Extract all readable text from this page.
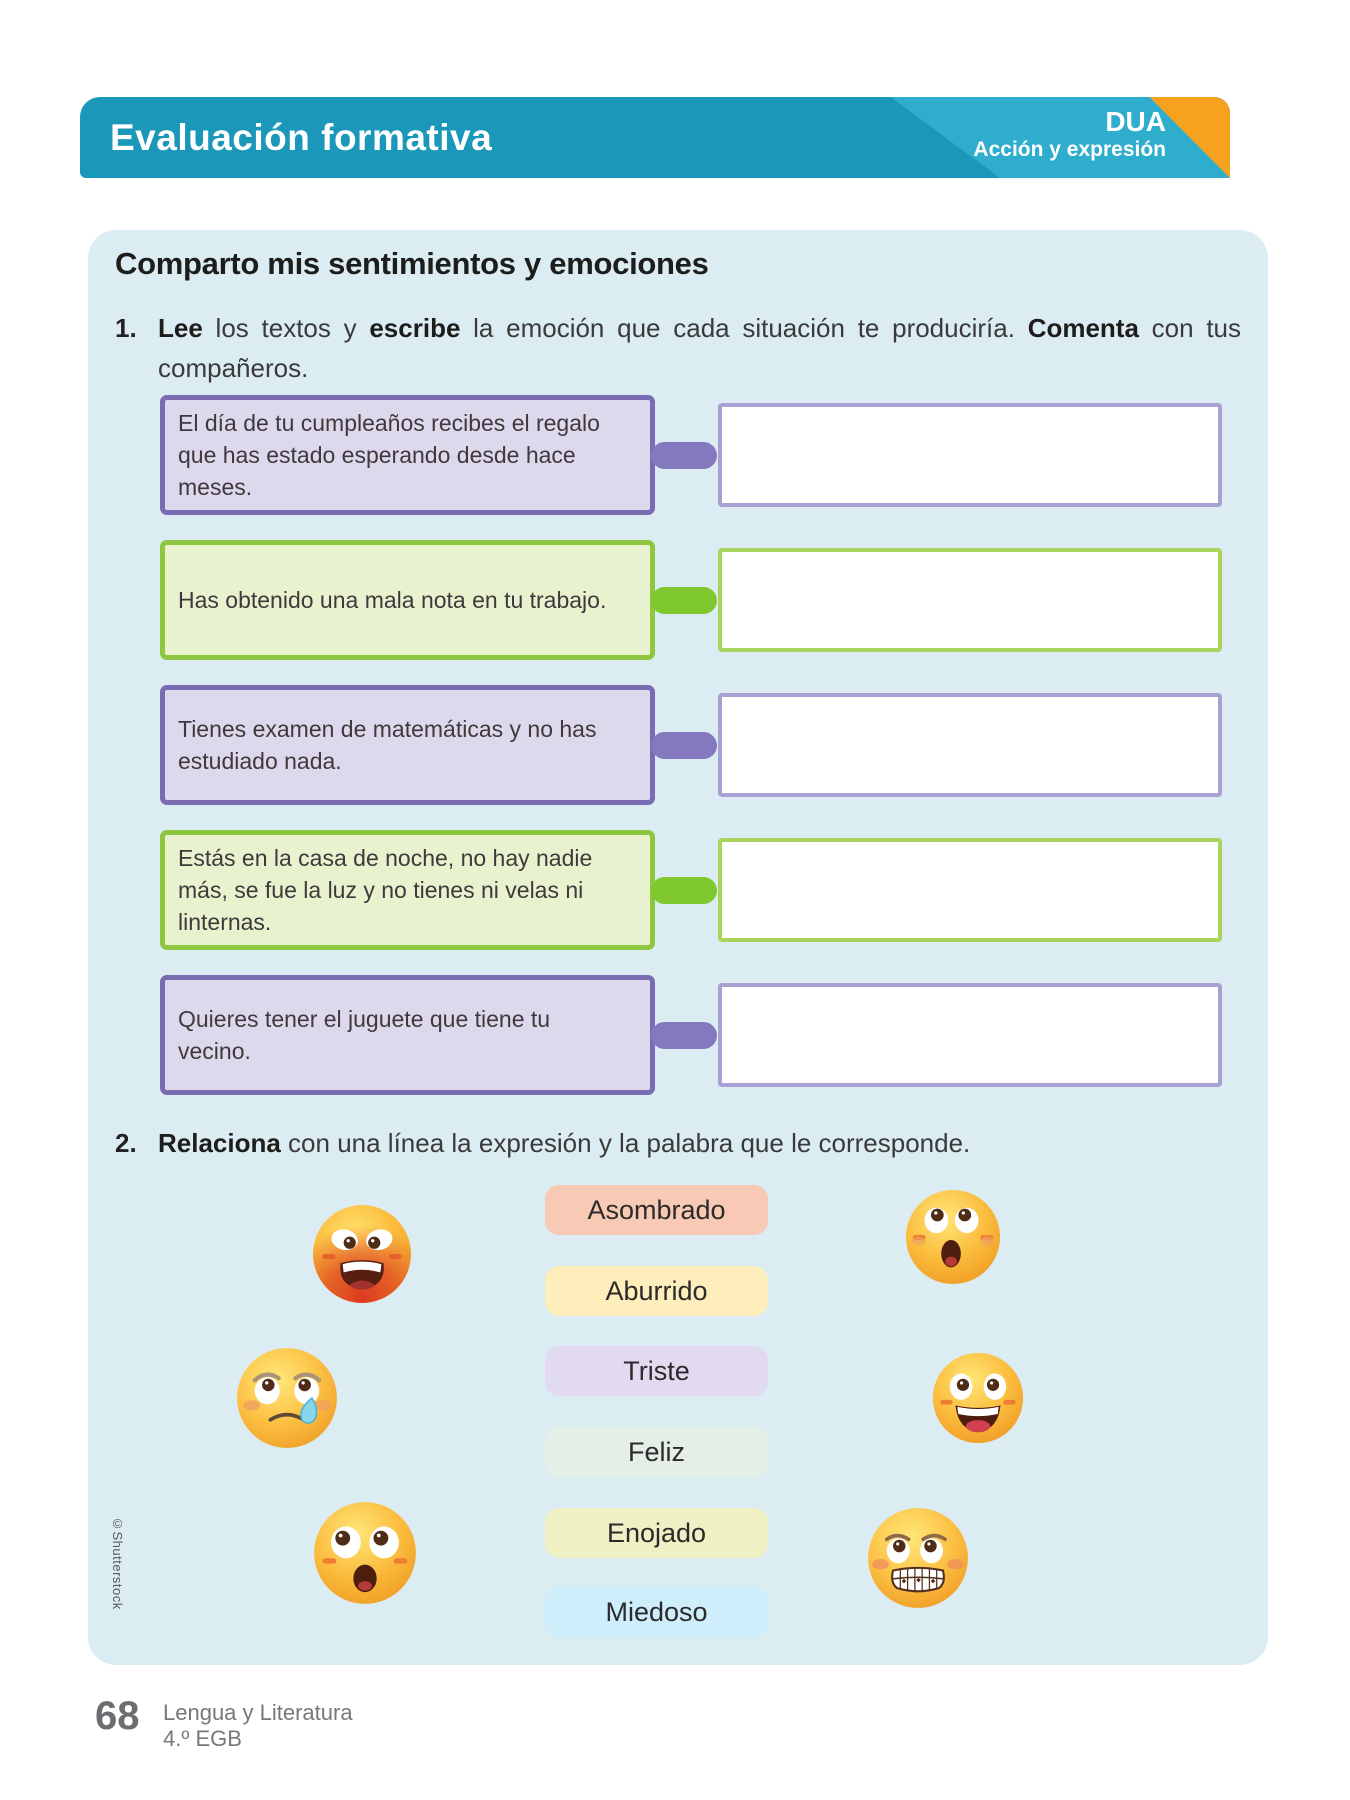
Evaluación formativa	DUA
Acción y expresión
Comparto mis sentimientos y emociones
1. Lee los textos y escribe la emoción que cada situación te produciría. Comenta con tus compañeros.
El día de tu cumpleaños recibes el regalo que has estado esperando desde hace meses.
Has obtenido una mala nota en tu trabajo.
Tienes examen de matemáticas y no has estudiado nada.
Estás en la casa de noche, no hay nadie más, se fue la luz y no tienes ni velas ni linternas.
Quieres tener el juguete que tiene tu vecino.
2. Relaciona con una línea la expresión y la palabra que le corresponde.
Asombrado
Aburrido
Triste
Feliz
Enojado
Miedoso
©Shutterstock
68 Lengua y Literatura
4.º EGB
